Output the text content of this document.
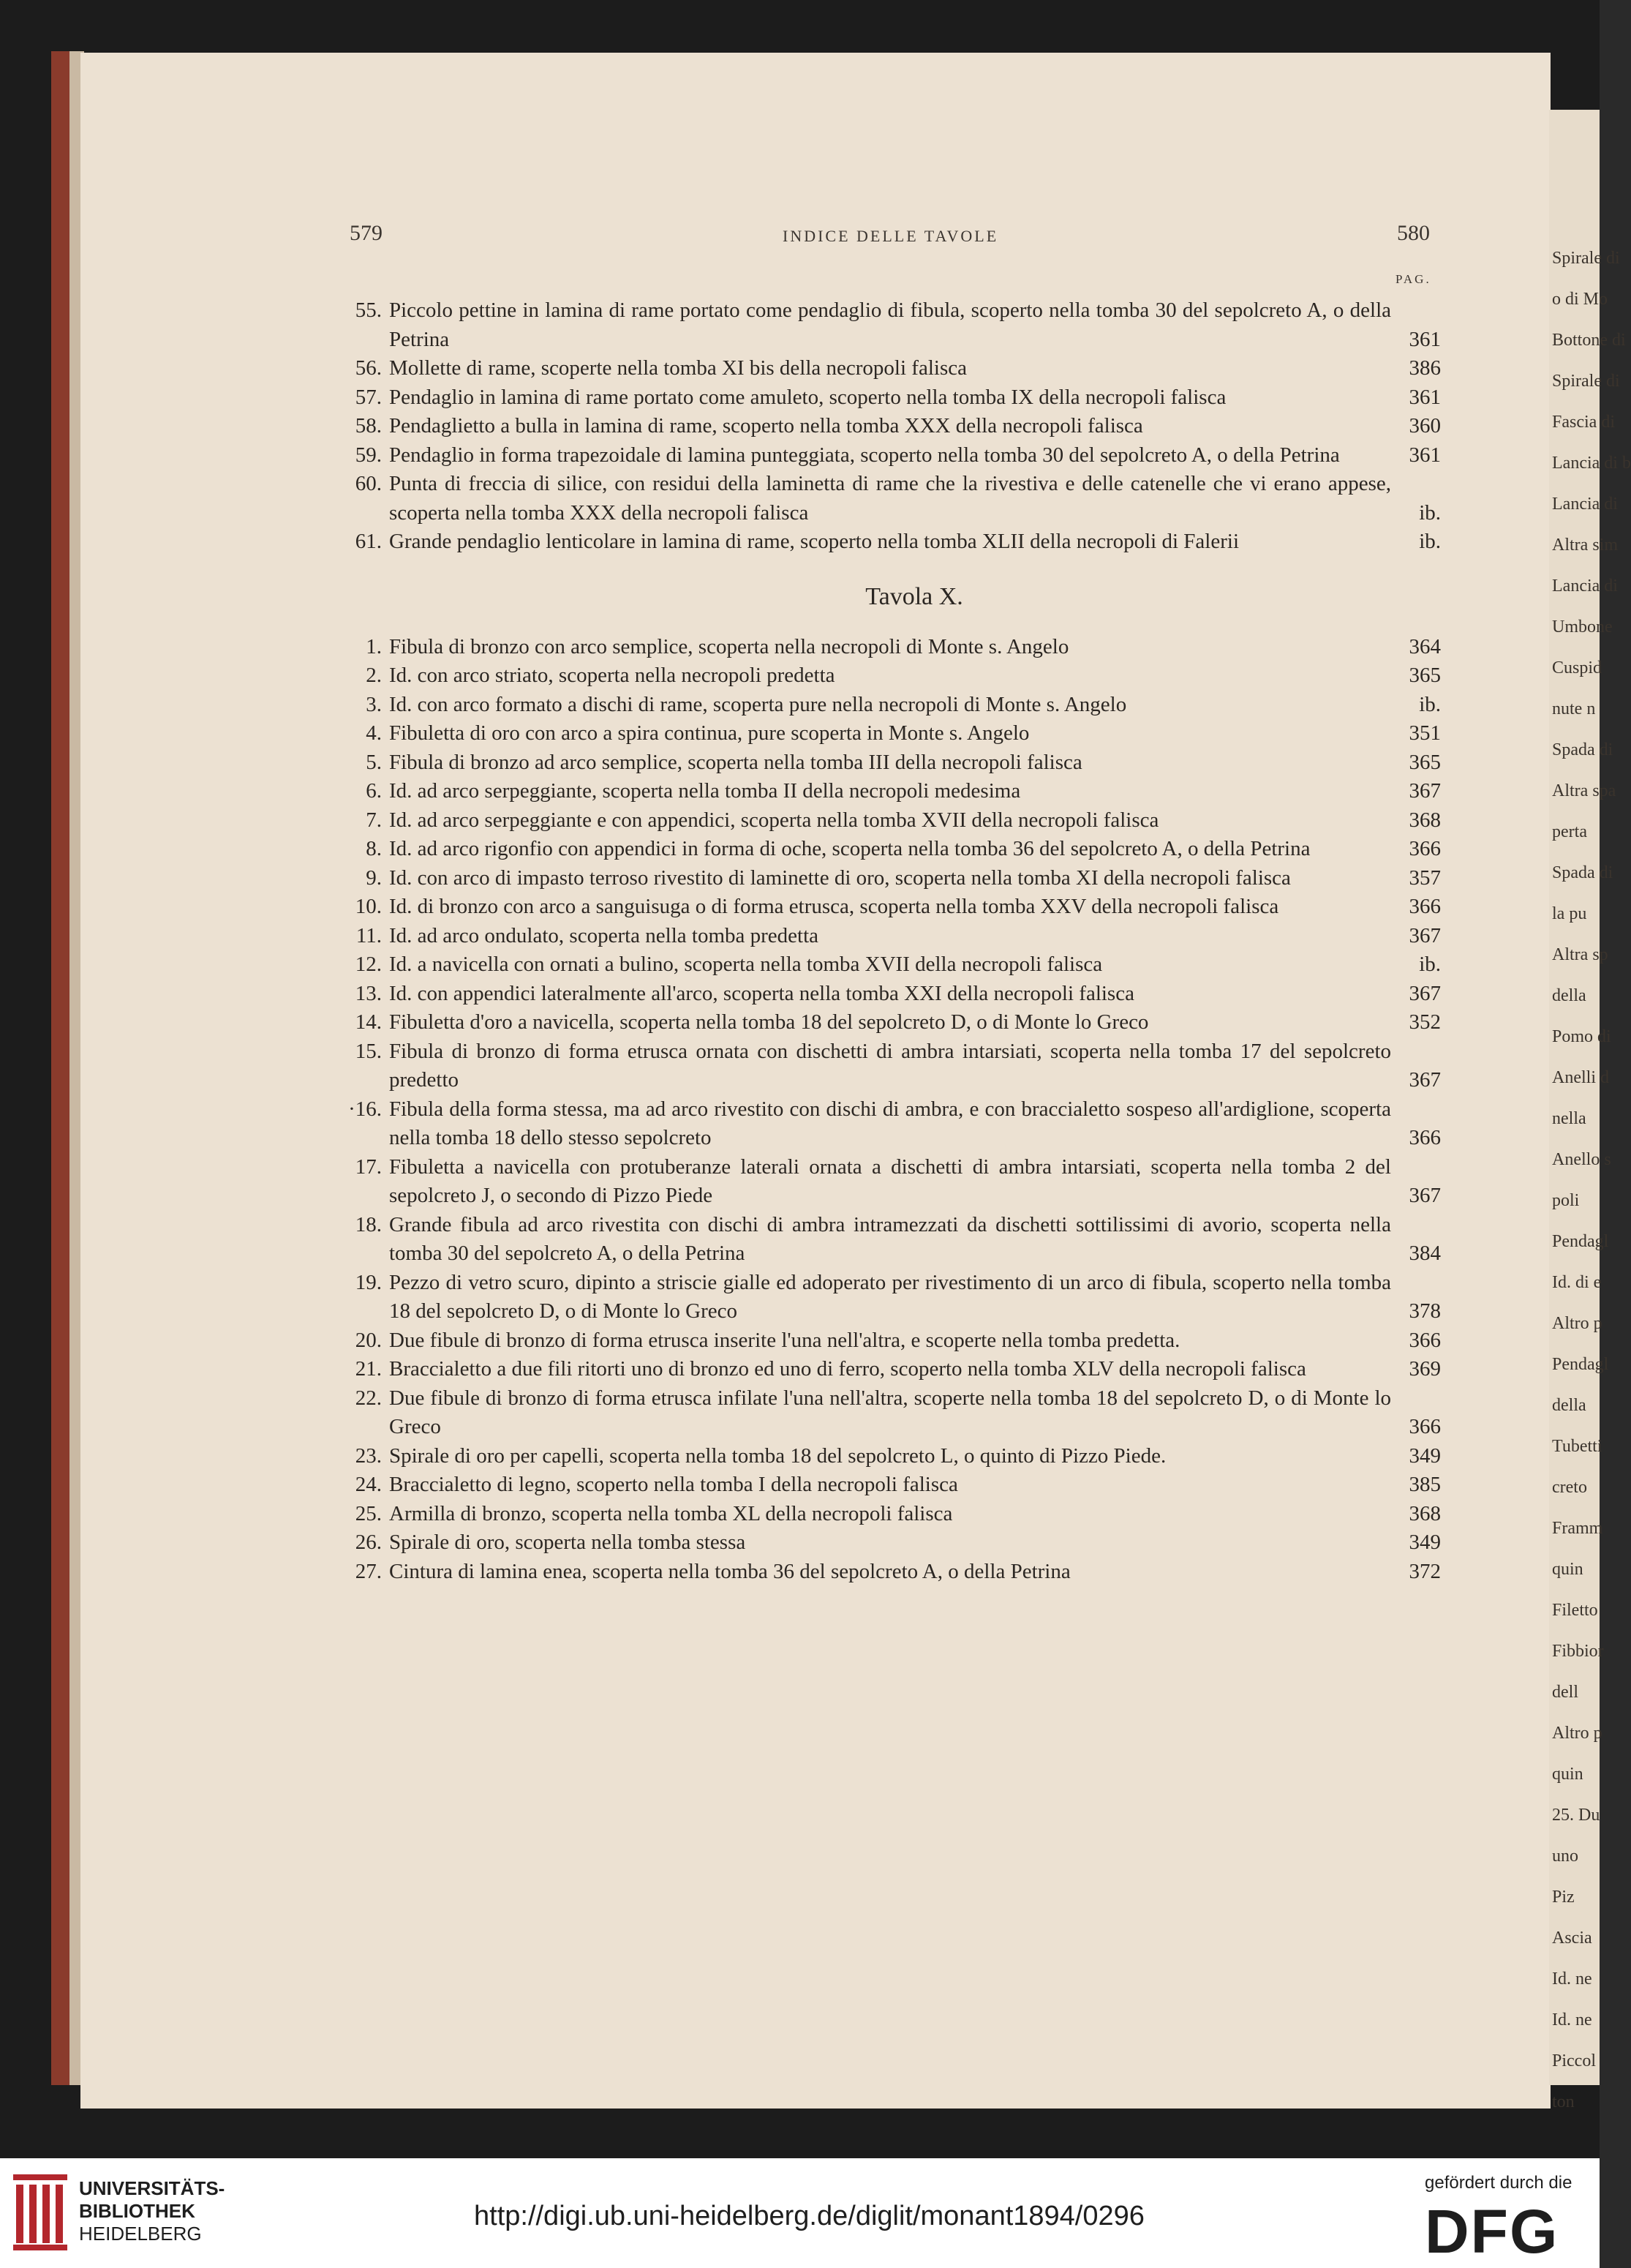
Spirale di
o di Mo
Bottone di
Spirale di
Fascia di
Lancia di b
Lancia di
Altra sim
Lancia di
Umbone
Cuspid
nute n
Spada di
Altra spa
perta
Spada di
la pu
Altra sp
della
Pomo di
Anelli d
nella
Anello s
poli
Pendagl
Id. di e
Altro p
Pendagl
della
Tubetti
creto
Framm
quin
Filetto
Fibbior
dell
Altro p
quin
25. Du
uno
Piz
Ascia
Id. ne
Id. ne
Piccol
ton
579	INDICE DELLE TAVOLE	580
PAG.
55. Piccolo pettine in lamina di rame portato come pendaglio di fibula, scoperto nella tomba 30 del sepolcreto A, o della Petrina	361
56. Mollette di rame, scoperte nella tomba XI bis della necropoli falisca	386
57. Pendaglio in lamina di rame portato come amuleto, scoperto nella tomba IX della necropoli falisca	361
58. Pendaglietto a bulla in lamina di rame, scoperto nella tomba XXX della necropoli falisca	360
59. Pendaglio in forma trapezoidale di lamina punteggiata, scoperto nella tomba 30 del sepolcreto A, o della Petrina	361
60. Punta di freccia di silice, con residui della laminetta di rame che la rivestiva e delle catenelle che vi erano appese, scoperta nella tomba XXX della necropoli falisca	ib.
61. Grande pendaglio lenticolare in lamina di rame, scoperto nella tomba XLII della necropoli di Falerii	ib.
Tavola X.
1. Fibula di bronzo con arco semplice, scoperta nella necropoli di Monte s. Angelo	364
2. Id. con arco striato, scoperta nella necropoli predetta	365
3. Id. con arco formato a dischi di rame, scoperta pure nella necropoli di Monte s. Angelo	ib.
4. Fibuletta di oro con arco a spira continua, pure scoperta in Monte s. Angelo	351
5. Fibula di bronzo ad arco semplice, scoperta nella tomba III della necropoli falisca	365
6. Id. ad arco serpeggiante, scoperta nella tomba II della necropoli medesima	367
7. Id. ad arco serpeggiante e con appendici, scoperta nella tomba XVII della necropoli falisca	368
8. Id. ad arco rigonfio con appendici in forma di oche, scoperta nella tomba 36 del sepolcreto A, o della Petrina	366
9. Id. con arco di impasto terroso rivestito di laminette di oro, scoperta nella tomba XI della necropoli falisca	357
10. Id. di bronzo con arco a sanguisuga o di forma etrusca, scoperta nella tomba XXV della necropoli falisca	366
11. Id. ad arco ondulato, scoperta nella tomba predetta	367
12. Id. a navicella con ornati a bulino, scoperta nella tomba XVII della necropoli falisca	ib.
13. Id. con appendici lateralmente all'arco, scoperta nella tomba XXI della necropoli falisca	367
14. Fibuletta d'oro a navicella, scoperta nella tomba 18 del sepolcreto D, o di Monte lo Greco	352
15. Fibula di bronzo di forma etrusca ornata con dischetti di ambra intarsiati, scoperta nella tomba 17 del sepolcreto predetto	367
·16. Fibula della forma stessa, ma ad arco rivestito con dischi di ambra, e con braccialetto sospeso all'ardiglione, scoperta nella tomba 18 dello stesso sepolcreto	366
17. Fibuletta a navicella con protuberanze laterali ornata a dischetti di ambra intarsiati, scoperta nella tomba 2 del sepolcreto J, o secondo di Pizzo Piede	367
18. Grande fibula ad arco rivestita con dischi di ambra intramezzati da dischetti sottilissimi di avorio, scoperta nella tomba 30 del sepolcreto A, o della Petrina	384
19. Pezzo di vetro scuro, dipinto a striscie gialle ed adoperato per rivestimento di un arco di fibula, scoperto nella tomba 18 del sepolcreto D, o di Monte lo Greco	378
20. Due fibule di bronzo di forma etrusca inserite l'una nell'altra, e scoperte nella tomba predetta.	366
21. Braccialetto a due fili ritorti uno di bronzo ed uno di ferro, scoperto nella tomba XLV della necropoli falisca	369
22. Due fibule di bronzo di forma etrusca infilate l'una nell'altra, scoperte nella tomba 18 del sepolcreto D, o di Monte lo Greco	366
23. Spirale di oro per capelli, scoperta nella tomba 18 del sepolcreto L, o quinto di Pizzo Piede.	349
24. Braccialetto di legno, scoperto nella tomba I della necropoli falisca	385
25. Armilla di bronzo, scoperta nella tomba XL della necropoli falisca	368
26. Spirale di oro, scoperta nella tomba stessa	349
27. Cintura di lamina enea, scoperta nella tomba 36 del sepolcreto A, o della Petrina	372
UNIVERSITÄTS-
BIBLIOTHEK
HEIDELBERG
http://digi.ub.uni-heidelberg.de/diglit/monant1894/0296
gefördert durch die
DFG
